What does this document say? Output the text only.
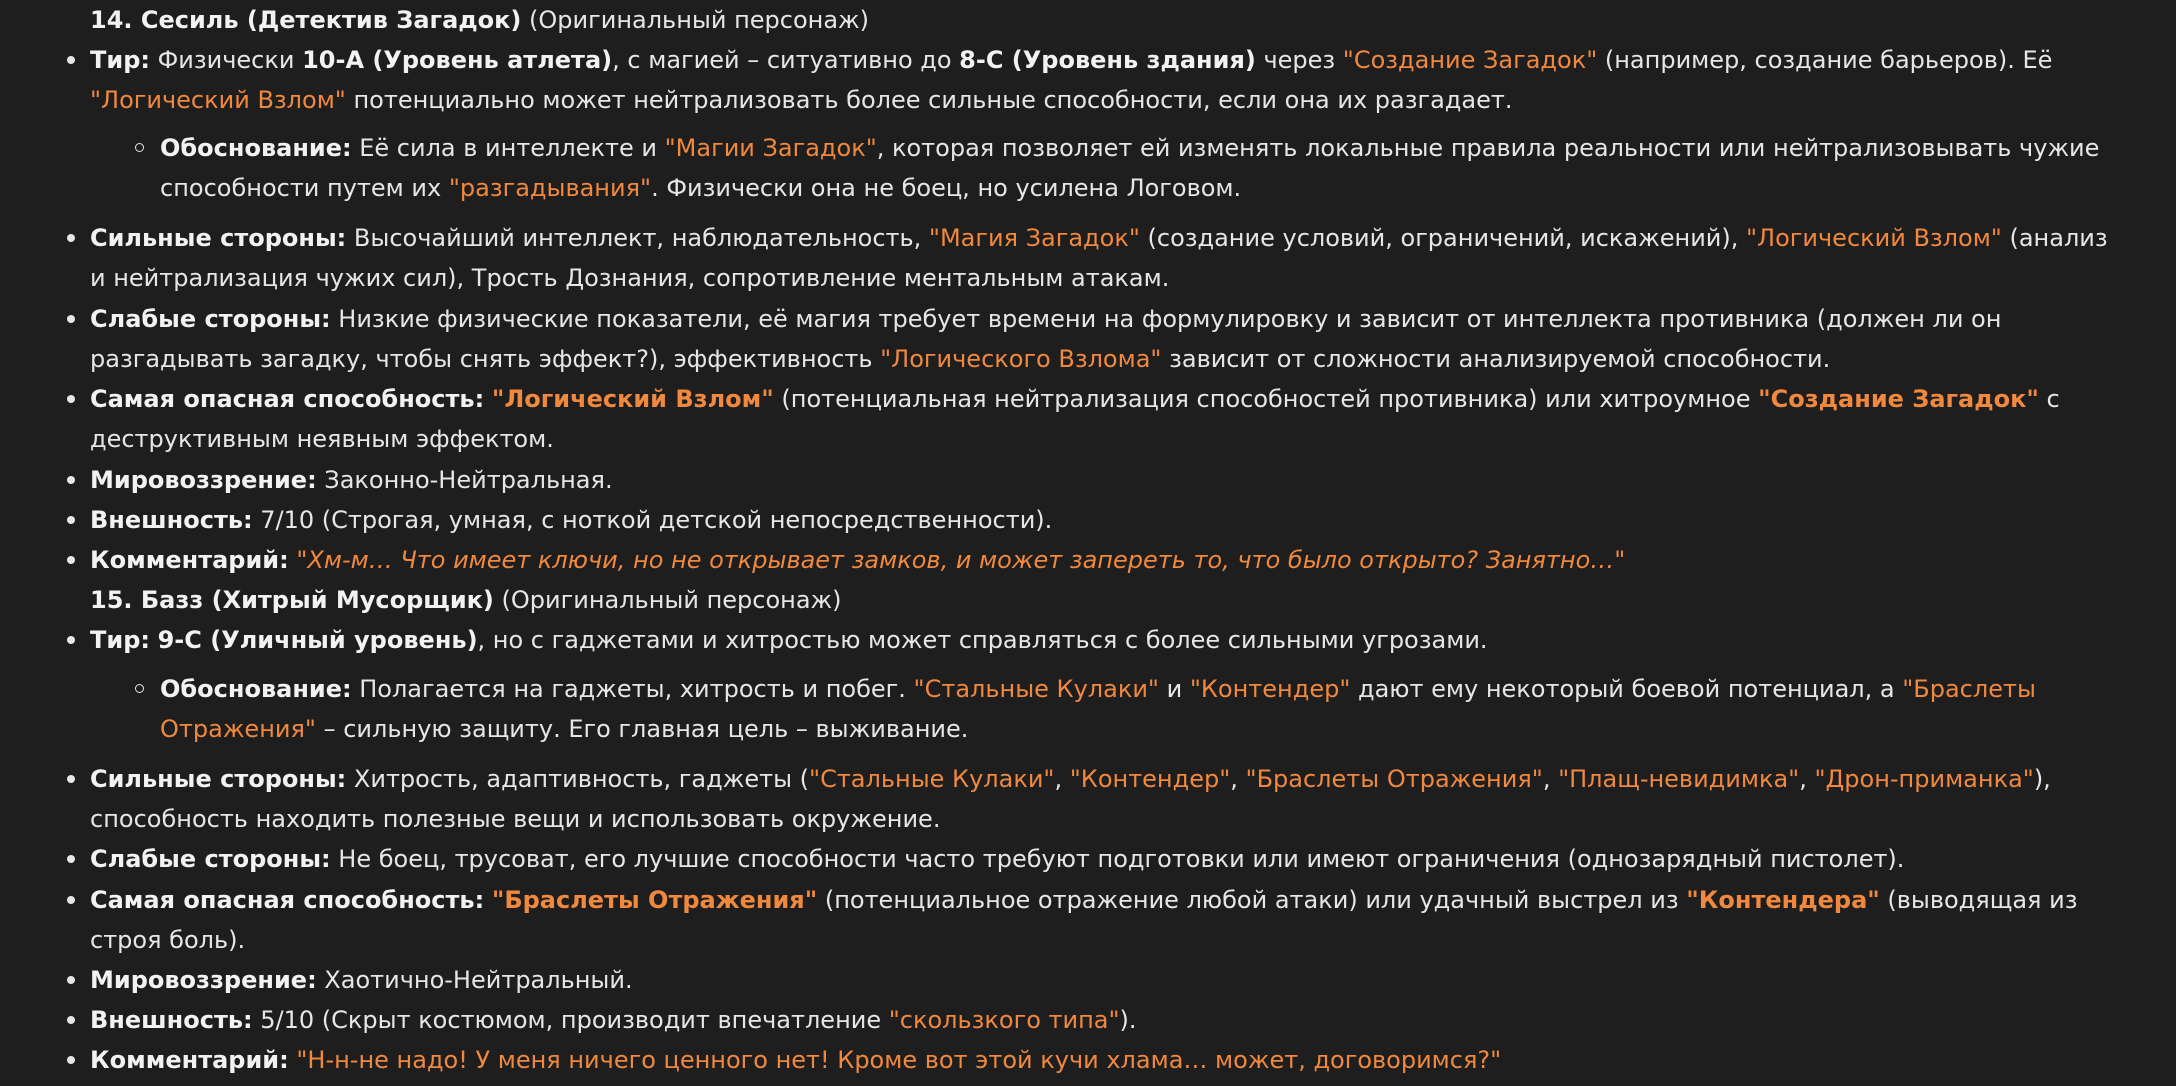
14. Сесиль (Детектив Загадок) (Оригинальный персонаж)
Тир: Физически 10-A (Уровень атлета), с магией – ситуативно до 8-C (Уровень здания) через "Создание Загадок" (например, создание барьеров). Её "Логический Взлом" потенциально может нейтрализовать более сильные способности, если она их разгадает.
Обоснование: Её сила в интеллекте и "Магии Загадок", которая позволяет ей изменять локальные правила реальности или нейтрализовывать чужие способности путем их "разгадывания". Физически она не боец, но усилена Логовом.
Сильные стороны: Высочайший интеллект, наблюдательность, "Магия Загадок" (создание условий, ограничений, искажений), "Логический Взлом" (анализ и нейтрализация чужих сил), Трость Дознания, сопротивление ментальным атакам.
Слабые стороны: Низкие физические показатели, её магия требует времени на формулировку и зависит от интеллекта противника (должен ли он разгадывать загадку, чтобы снять эффект?), эффективность "Логического Взлома" зависит от сложности анализируемой способности.
Самая опасная способность: "Логический Взлом" (потенциальная нейтрализация способностей противника) или хитроумное "Создание Загадок" с деструктивным неявным эффектом.
Мировоззрение: Законно-Нейтральная.
Внешность: 7/10 (Строгая, умная, с ноткой детской непосредственности).
Комментарий: "Хм-м… Что имеет ключи, но не открывает замков, и может запереть то, что было открыто? Занятно…"
15. Базз (Хитрый Мусорщик) (Оригинальный персонаж)
Тир: 9-C (Уличный уровень), но с гаджетами и хитростью может справляться с более сильными угрозами.
Обоснование: Полагается на гаджеты, хитрость и побег. "Стальные Кулаки" и "Контендер" дают ему некоторый боевой потенциал, а "Браслеты Отражения" – сильную защиту. Его главная цель – выживание.
Сильные стороны: Хитрость, адаптивность, гаджеты ("Стальные Кулаки", "Контендер", "Браслеты Отражения", "Плащ-невидимка", "Дрон-приманка"), способность находить полезные вещи и использовать окружение.
Слабые стороны: Не боец, трусоват, его лучшие способности часто требуют подготовки или имеют ограничения (однозарядный пистолет).
Самая опасная способность: "Браслеты Отражения" (потенциальное отражение любой атаки) или удачный выстрел из "Контендера" (выводящая из строя боль).
Мировоззрение: Хаотично-Нейтральный.
Внешность: 5/10 (Скрыт костюмом, производит впечатление "скользкого типа").
Комментарий: "Н-н-не надо! У меня ничего ценного нет! Кроме вот этой кучи хлама… может, договоримся?"
